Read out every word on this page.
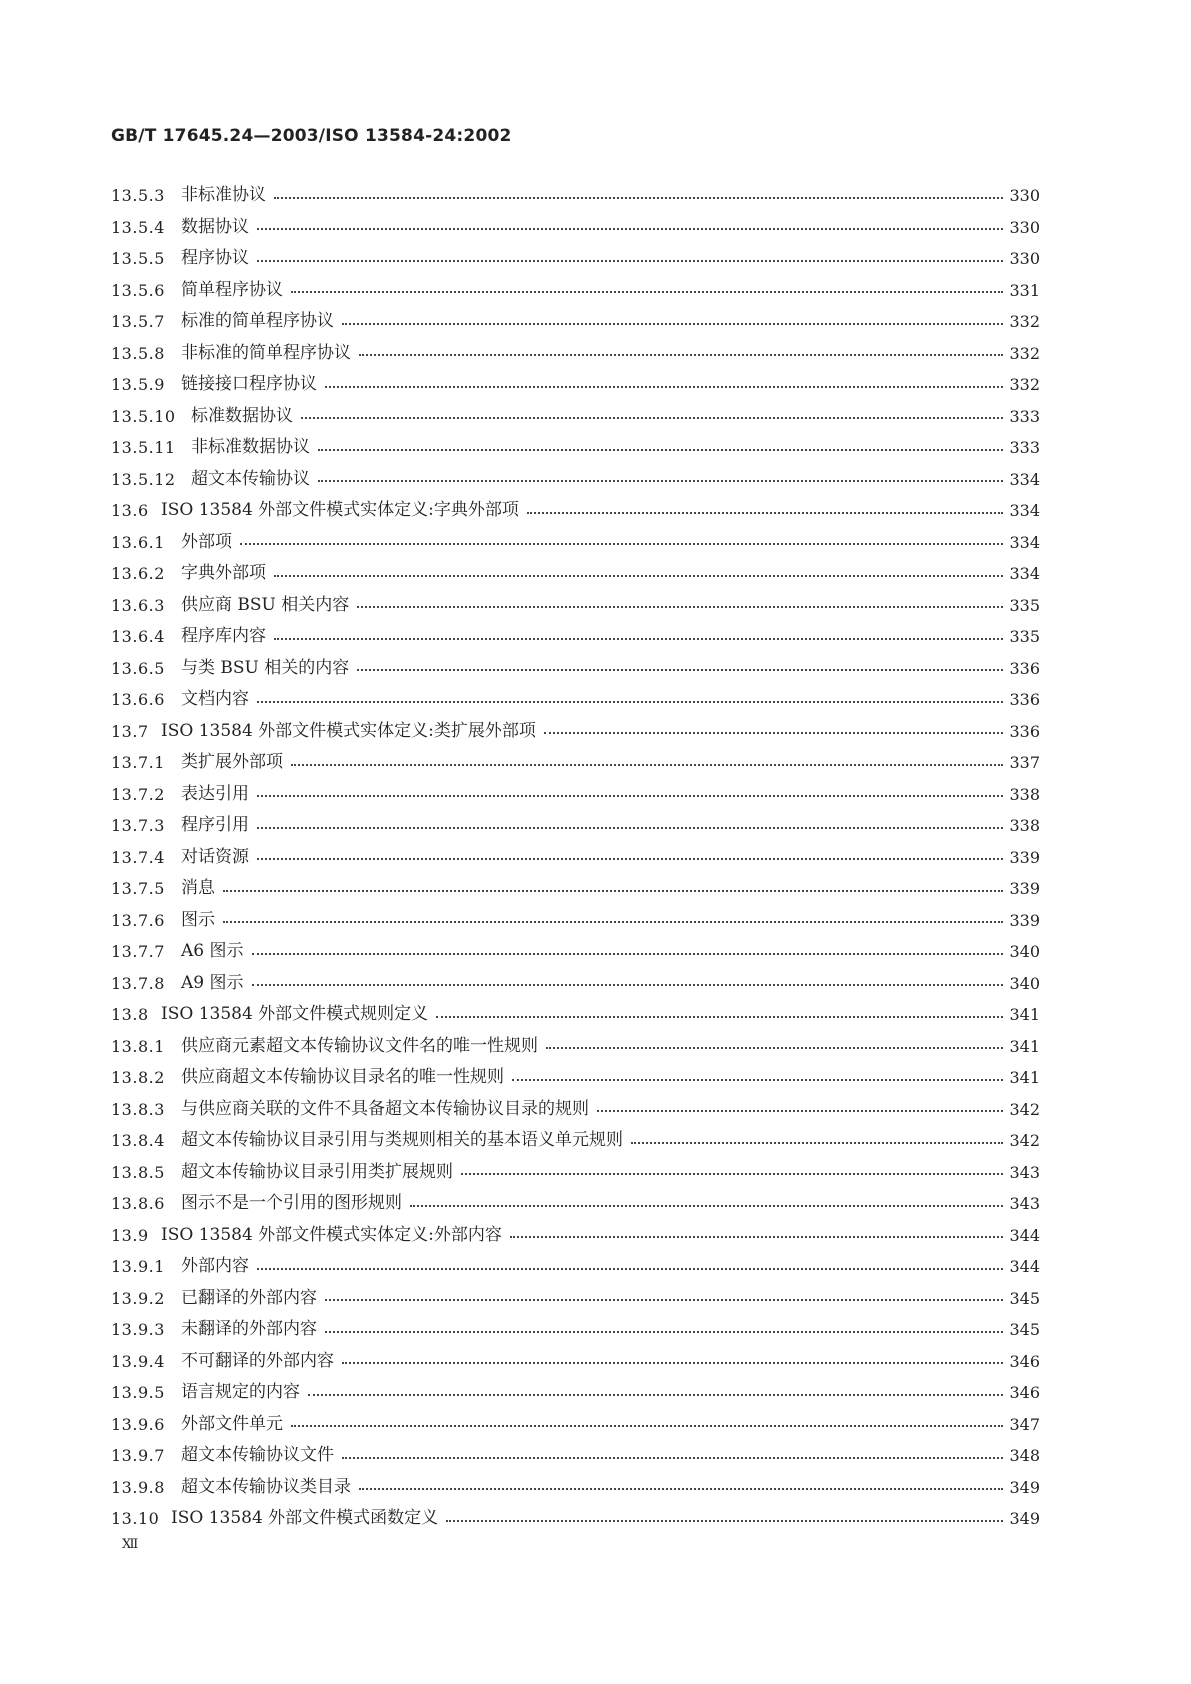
GB/T 17645.24—2003/ISO 13584-24:2002
13.5.3 非标准协议	330
13.5.4 数据协议	330
13.5.5 程序协议	330
13.5.6 简单程序协议	331
13.5.7 标准的简单程序协议	332
13.5.8 非标准的简单程序协议	332
13.5.9 链接接口程序协议	332
13.5.10 标准数据协议	333
13.5.11 非标准数据协议	333
13.5.12 超文本传输协议	334
13.6 ISO 13584 外部文件模式实体定义:字典外部项	334
13.6.1 外部项	334
13.6.2 字典外部项	334
13.6.3 供应商 BSU 相关内容	335
13.6.4 程序库内容	335
13.6.5 与类 BSU 相关的内容	336
13.6.6 文档内容	336
13.7 ISO 13584 外部文件模式实体定义:类扩展外部项	336
13.7.1 类扩展外部项	337
13.7.2 表达引用	338
13.7.3 程序引用	338
13.7.4 对话资源	339
13.7.5 消息	339
13.7.6 图示	339
13.7.7 A6 图示	340
13.7.8 A9 图示	340
13.8 ISO 13584 外部文件模式规则定义	341
13.8.1 供应商元素超文本传输协议文件名的唯一性规则	341
13.8.2 供应商超文本传输协议目录名的唯一性规则	341
13.8.3 与供应商关联的文件不具备超文本传输协议目录的规则	342
13.8.4 超文本传输协议目录引用与类规则相关的基本语义单元规则	342
13.8.5 超文本传输协议目录引用类扩展规则	343
13.8.6 图示不是一个引用的图形规则	343
13.9 ISO 13584 外部文件模式实体定义:外部内容	344
13.9.1 外部内容	344
13.9.2 已翻译的外部内容	345
13.9.3 未翻译的外部内容	345
13.9.4 不可翻译的外部内容	346
13.9.5 语言规定的内容	346
13.9.6 外部文件单元	347
13.9.7 超文本传输协议文件	348
13.9.8 超文本传输协议类目录	349
13.10 ISO 13584 外部文件模式函数定义	349
Ⅻ
